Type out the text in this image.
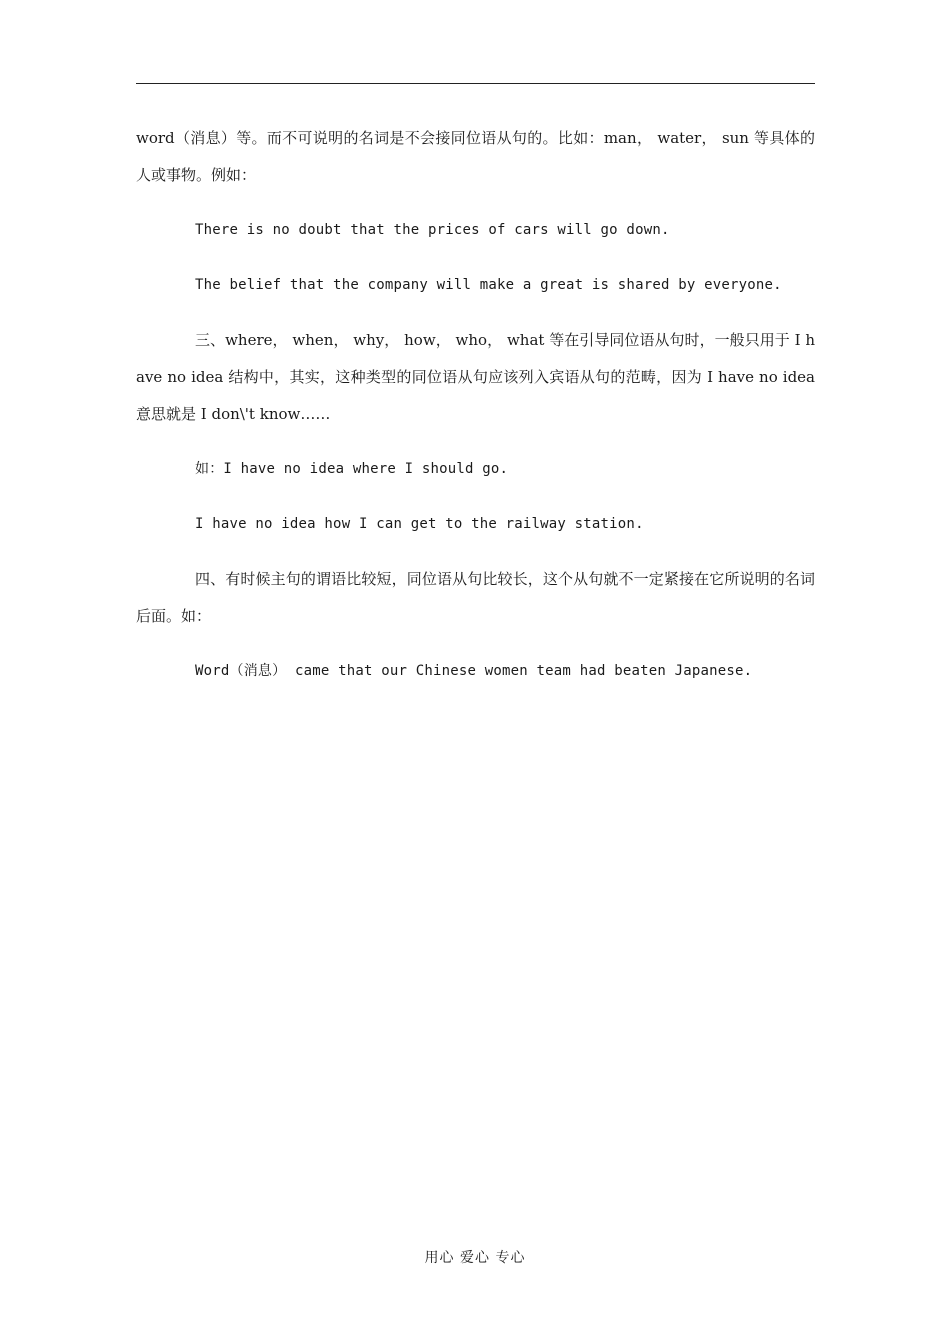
word（消息）等。而不可说明的名词是不会接同位语从句的。比如：man， water， sun 等具体的人或事物。例如：

There is no doubt that the prices of cars will go down.

The belief that the company will make a great is shared by everyone.

三、where， when， why， how， who， what 等在引导同位语从句时，一般只用于 I have no idea 结构中，其实，这种类型的同位语从句应该列入宾语从句的范畴，因为 I have no idea 意思就是 I don\'t know……

如：I have no idea where I should go.

I have no idea how I can get to the railway station.

四、有时候主句的谓语比较短，同位语从句比较长，这个从句就不一定紧接在它所说明的名词后面。如：

Word（消息） came that our Chinese women team had beaten Japanese.

用心 爱心 专心
